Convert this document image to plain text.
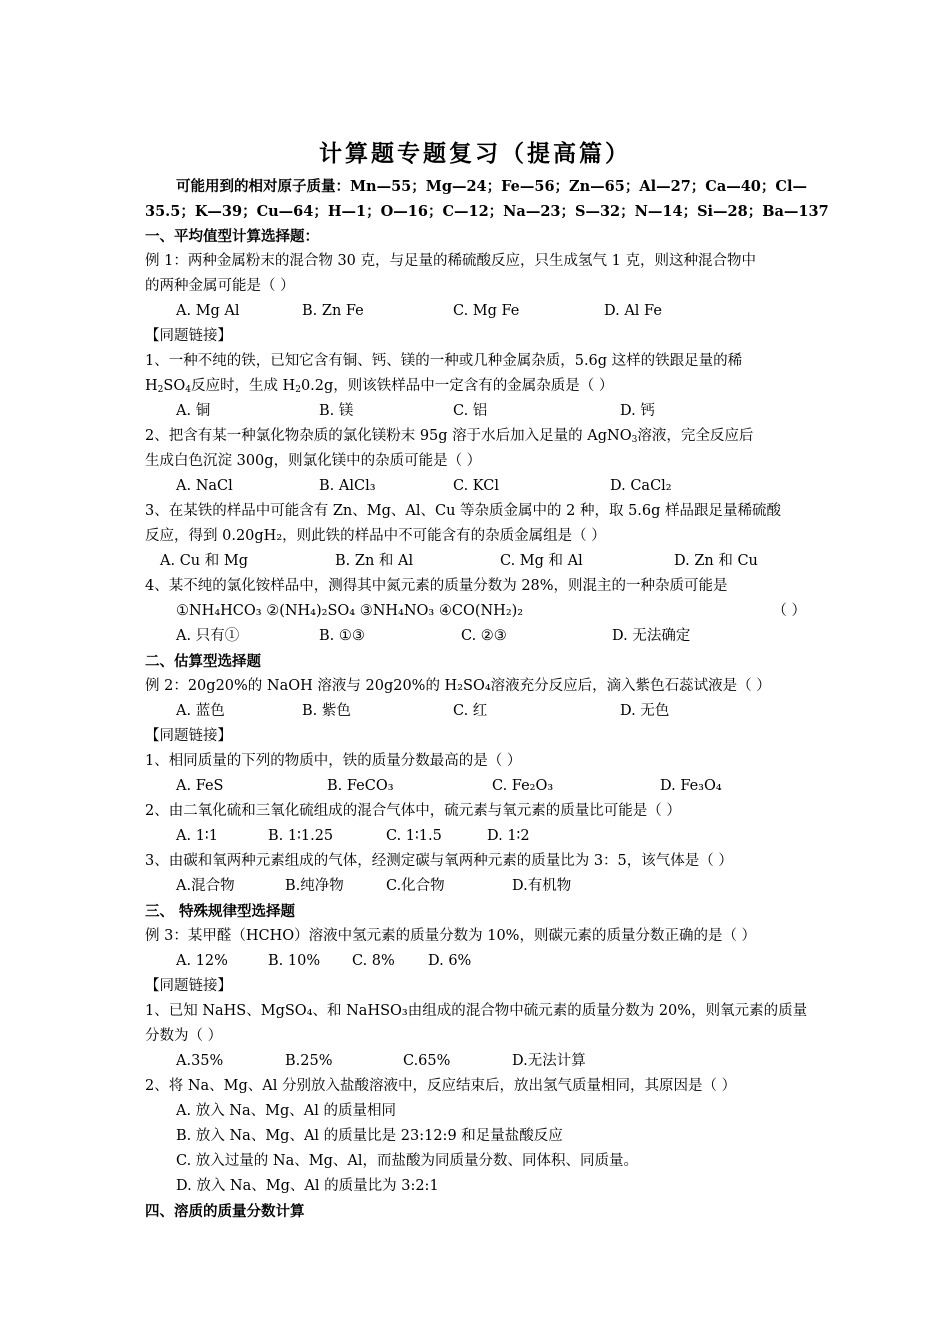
计算题专题复习（提高篇）
可能用到的相对原子质量：Mn—55；Mg—24；Fe—56；Zn—65；Al—27；Ca—40；Cl—
35.5；K—39；Cu—64；H—1；O—16；C—12；Na—23；S—32；N—14；Si—28；Ba—137
一、平均值型计算选择题：
例 1：两种金属粉末的混合物 30 克，与足量的稀硫酸反应，只生成氢气 1 克，则这种混合物中
的两种金属可能是（ ）
A. Mg Al	B. Zn Fe	C. Mg Fe	D. Al Fe
【同题链接】
1、一种不纯的铁，已知它含有铜、钙、镁的一种或几种金属杂质，5.6g 这样的铁跟足量的稀
$H_2SO_4$反应时，生成 $H_20.2g$，则该铁样品中一定含有的金属杂质是（ ）
A. 铜	B. 镁	C. 铝	D. 钙
2、把含有某一种氯化物杂质的氯化镁粉末 95g 溶于水后加入足量的 AgNO$_3$溶液，完全反应后
生成白色沉淀 300g，则氯化镁中的杂质可能是（ ）
A. NaCl	B. AlCl₃	C. KCl	D. CaCl₂
3、在某铁的样品中可能含有 Zn、Mg、Al、Cu 等杂质金属中的 2 种，取 5.6g 样品跟足量稀硫酸
反应，得到 0.20gH₂，则此铁的样品中不可能含有的杂质金属组是（ ）
A. Cu 和 Mg	B. Zn 和 Al	C. Mg 和 Al	D. Zn 和 Cu
4、某不纯的氯化铵样品中，测得其中氮元素的质量分数为 28%，则混主的一种杂质可能是
①NH₄HCO₃ ②(NH₄)₂SO₄ ③NH₄NO₃ ④CO(NH₂)₂	（ ）
A. 只有①	B. ①③	C. ②③	D. 无法确定
二、估算型选择题
例 2：20g20%的 NaOH 溶液与 20g20%的 H₂SO₄溶液充分反应后，滴入紫色石蕊试液是（ ）
A. 蓝色	B. 紫色	C. 红	D. 无色
【同题链接】
1、相同质量的下列的物质中，铁的质量分数最高的是（ ）
A. FeS	B. FeCO₃	C. Fe₂O₃	D. Fe₃O₄
2、由二氧化硫和三氧化硫组成的混合气体中，硫元素与氧元素的质量比可能是（ ）
A. 1∶1	B. 1∶1.25	C. 1∶1.5	D. 1∶2
3、由碳和氧两种元素组成的气体，经测定碳与氧两种元素的质量比为 3：5，该气体是（ ）
A.混合物	B.纯净物	C.化合物	D.有机物
三、 特殊规律型选择题
例 3：某甲醛（HCHO）溶液中氢元素的质量分数为 10%，则碳元素的质量分数正确的是（ ）
A. 12%	B. 10% C. 8% D. 6%
【同题链接】
1、已知 NaHS、MgSO₄、和 NaHSO₃由组成的混合物中硫元素的质量分数为 20%，则氧元素的质量
分数为（ ）
A.35%	B.25%	C.65%	D.无法计算
2、将 Na、Mg、Al 分别放入盐酸溶液中，反应结束后，放出氢气质量相同，其原因是（ ）
A. 放入 Na、Mg、Al 的质量相同
B. 放入 Na、Mg、Al 的质量比是 23:12:9 和足量盐酸反应
C. 放入过量的 Na、Mg、Al，而盐酸为同质量分数、同体积、同质量。
D. 放入 Na、Mg、Al 的质量比为 3:2:1
四、溶质的质量分数计算
